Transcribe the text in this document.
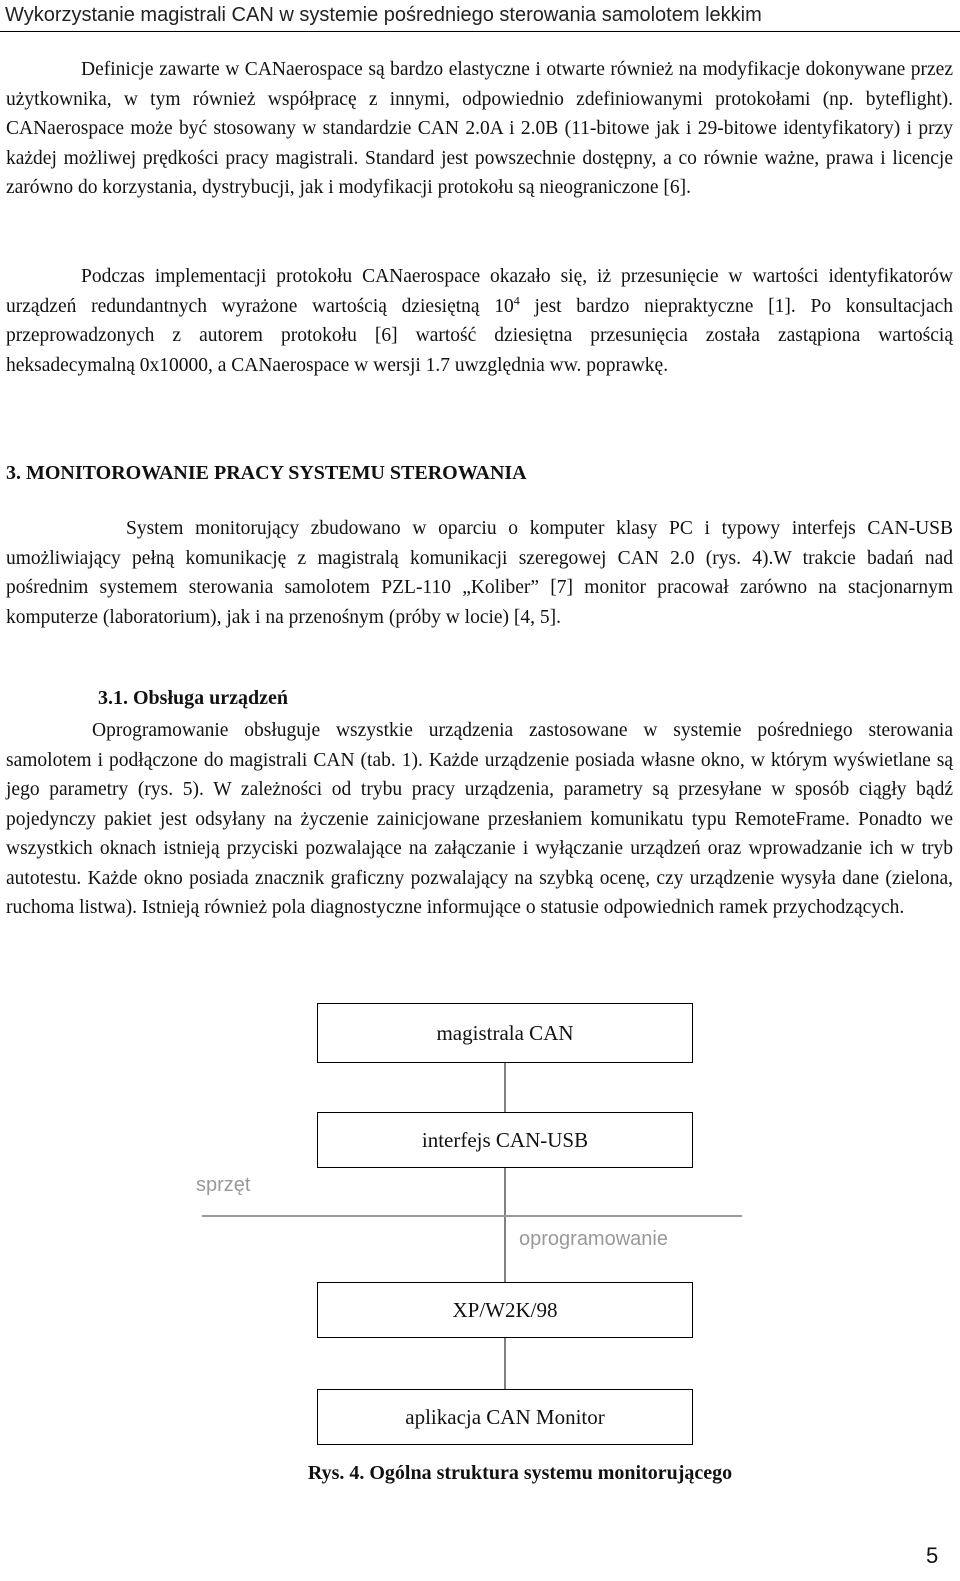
Wykorzystanie magistrali CAN w systemie pośredniego sterowania samolotem lekkim

Definicje zawarte w CANaerospace są bardzo elastyczne i otwarte również na modyfikacje dokonywane przez użytkownika, w tym również współpracę z innymi, odpowiednio zdefiniowanymi protokołami (np. byteflight). CANaerospace może być stosowany w standardzie CAN 2.0A i 2.0B (11-bitowe jak i 29-bitowe identyfikatory) i przy każdej możliwej prędkości pracy magistrali. Standard jest powszechnie dostępny, a co równie ważne, prawa i licencje zarówno do korzystania, dystrybucji, jak i modyfikacji protokołu są nieograniczone [6].

Podczas implementacji protokołu CANaerospace okazało się, iż przesunięcie w wartości identyfikatorów urządzeń redundantnych wyrażone wartością dziesiętną $10^4$ jest bardzo niepraktyczne [1]. Po konsultacjach przeprowadzonych z autorem protokołu [6] wartość dziesiętna przesunięcia została zastąpiona wartością heksadecymalną 0x10000, a CANaerospace w wersji 1.7 uwzględnia ww. poprawkę.

3. MONITOROWANIE PRACY SYSTEMU STEROWANIA

System monitorujący zbudowano w oparciu o komputer klasy PC i typowy interfejs CAN-USB umożliwiający pełną komunikację z magistralą komunikacji szeregowej CAN 2.0 (rys. 4).W trakcie badań nad pośrednim systemem sterowania samolotem PZL-110 „Koliber” [7] monitor pracował zarówno na stacjonarnym komputerze (laboratorium), jak i na przenośnym (próby w locie) [4, 5].

3.1. Obsługa urządzeń

Oprogramowanie obsługuje wszystkie urządzenia zastosowane w systemie pośredniego sterowania samolotem i podłączone do magistrali CAN (tab. 1). Każde urządzenie posiada własne okno, w którym wyświetlane są jego parametry (rys. 5). W zależności od trybu pracy urządzenia, parametry są przesyłane w sposób ciągły bądź pojedynczy pakiet jest odsyłany na życzenie zainicjowane przesłaniem komunikatu typu RemoteFrame. Ponadto we wszystkich oknach istnieją przyciski pozwalające na załączanie i wyłączanie urządzeń oraz wprowadzanie ich w tryb autotestu. Każde okno posiada znacznik graficzny pozwalający na szybką ocenę, czy urządzenie wysyła dane (zielona, ruchoma listwa). Istnieją również pola diagnostyczne informujące o statusie odpowiednich ramek przychodzących.

magistrala CAN
interfejs CAN-USB
sprzęt
oprogramowanie
XP/W2K/98
aplikacja CAN Monitor

Rys. 4. Ogólna struktura systemu monitorującego

5
